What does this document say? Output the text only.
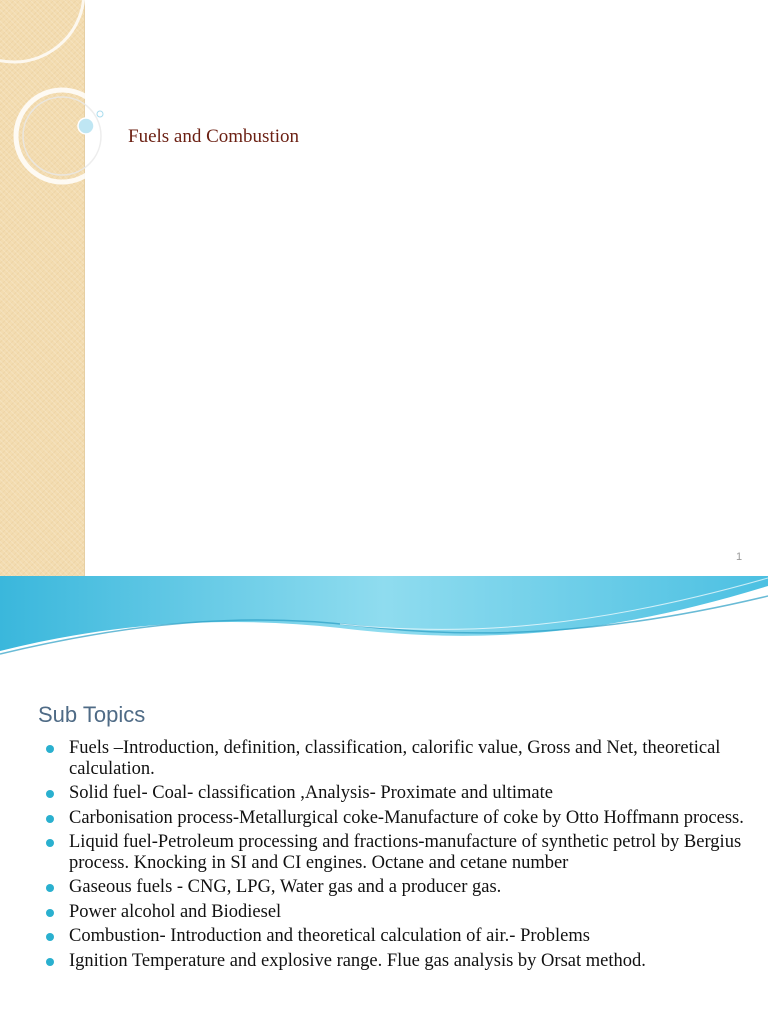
Fuels and Combustion
1
Sub Topics
Fuels –Introduction, definition, classification, calorific value, Gross and Net, theoretical calculation.
Solid fuel- Coal- classification ,Analysis- Proximate and ultimate
Carbonisation process-Metallurgical coke-Manufacture of coke by Otto Hoffmann process.
Liquid fuel-Petroleum processing and fractions-manufacture of synthetic petrol by Bergius process. Knocking in SI and CI engines. Octane and cetane number
Gaseous fuels - CNG, LPG, Water gas and a producer gas.
Power alcohol and Biodiesel
Combustion- Introduction and theoretical calculation of air.- Problems
Ignition Temperature and explosive range. Flue gas analysis by Orsat method.
